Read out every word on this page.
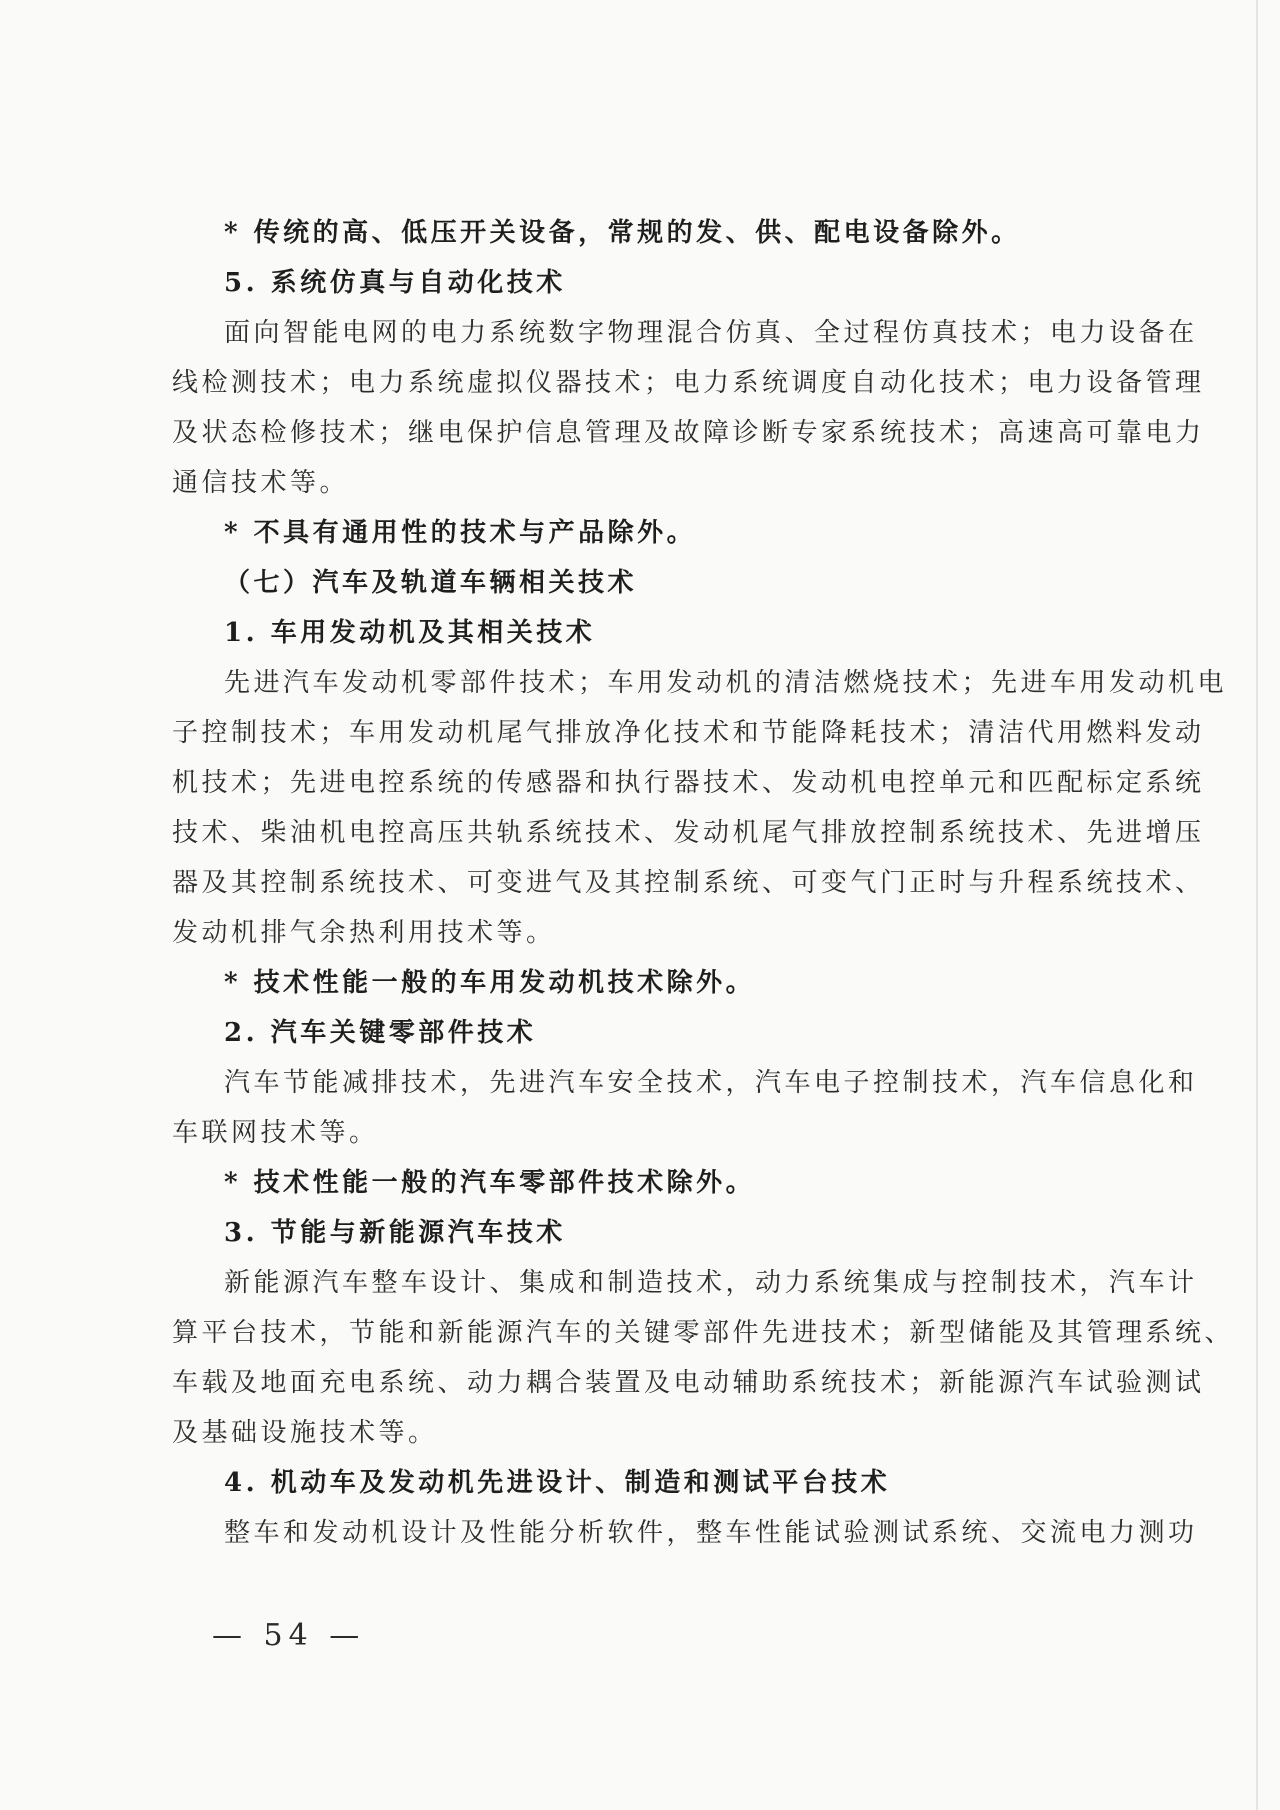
* 传统的高、低压开关设备，常规的发、供、配电设备除外。
5. 系统仿真与自动化技术
面向智能电网的电力系统数字物理混合仿真、全过程仿真技术；电力设备在
线检测技术；电力系统虚拟仪器技术；电力系统调度自动化技术；电力设备管理
及状态检修技术；继电保护信息管理及故障诊断专家系统技术；高速高可靠电力
通信技术等。
* 不具有通用性的技术与产品除外。
（七）汽车及轨道车辆相关技术
1. 车用发动机及其相关技术
先进汽车发动机零部件技术；车用发动机的清洁燃烧技术；先进车用发动机电
子控制技术；车用发动机尾气排放净化技术和节能降耗技术；清洁代用燃料发动
机技术；先进电控系统的传感器和执行器技术、发动机电控单元和匹配标定系统
技术、柴油机电控高压共轨系统技术、发动机尾气排放控制系统技术、先进增压
器及其控制系统技术、可变进气及其控制系统、可变气门正时与升程系统技术、
发动机排气余热利用技术等。
* 技术性能一般的车用发动机技术除外。
2. 汽车关键零部件技术
汽车节能减排技术，先进汽车安全技术，汽车电子控制技术，汽车信息化和
车联网技术等。
* 技术性能一般的汽车零部件技术除外。
3. 节能与新能源汽车技术
新能源汽车整车设计、集成和制造技术，动力系统集成与控制技术，汽车计
算平台技术，节能和新能源汽车的关键零部件先进技术；新型储能及其管理系统、
车载及地面充电系统、动力耦合装置及电动辅助系统技术；新能源汽车试验测试
及基础设施技术等。
4. 机动车及发动机先进设计、制造和测试平台技术
整车和发动机设计及性能分析软件，整车性能试验测试系统、交流电力测功
— 54 —
